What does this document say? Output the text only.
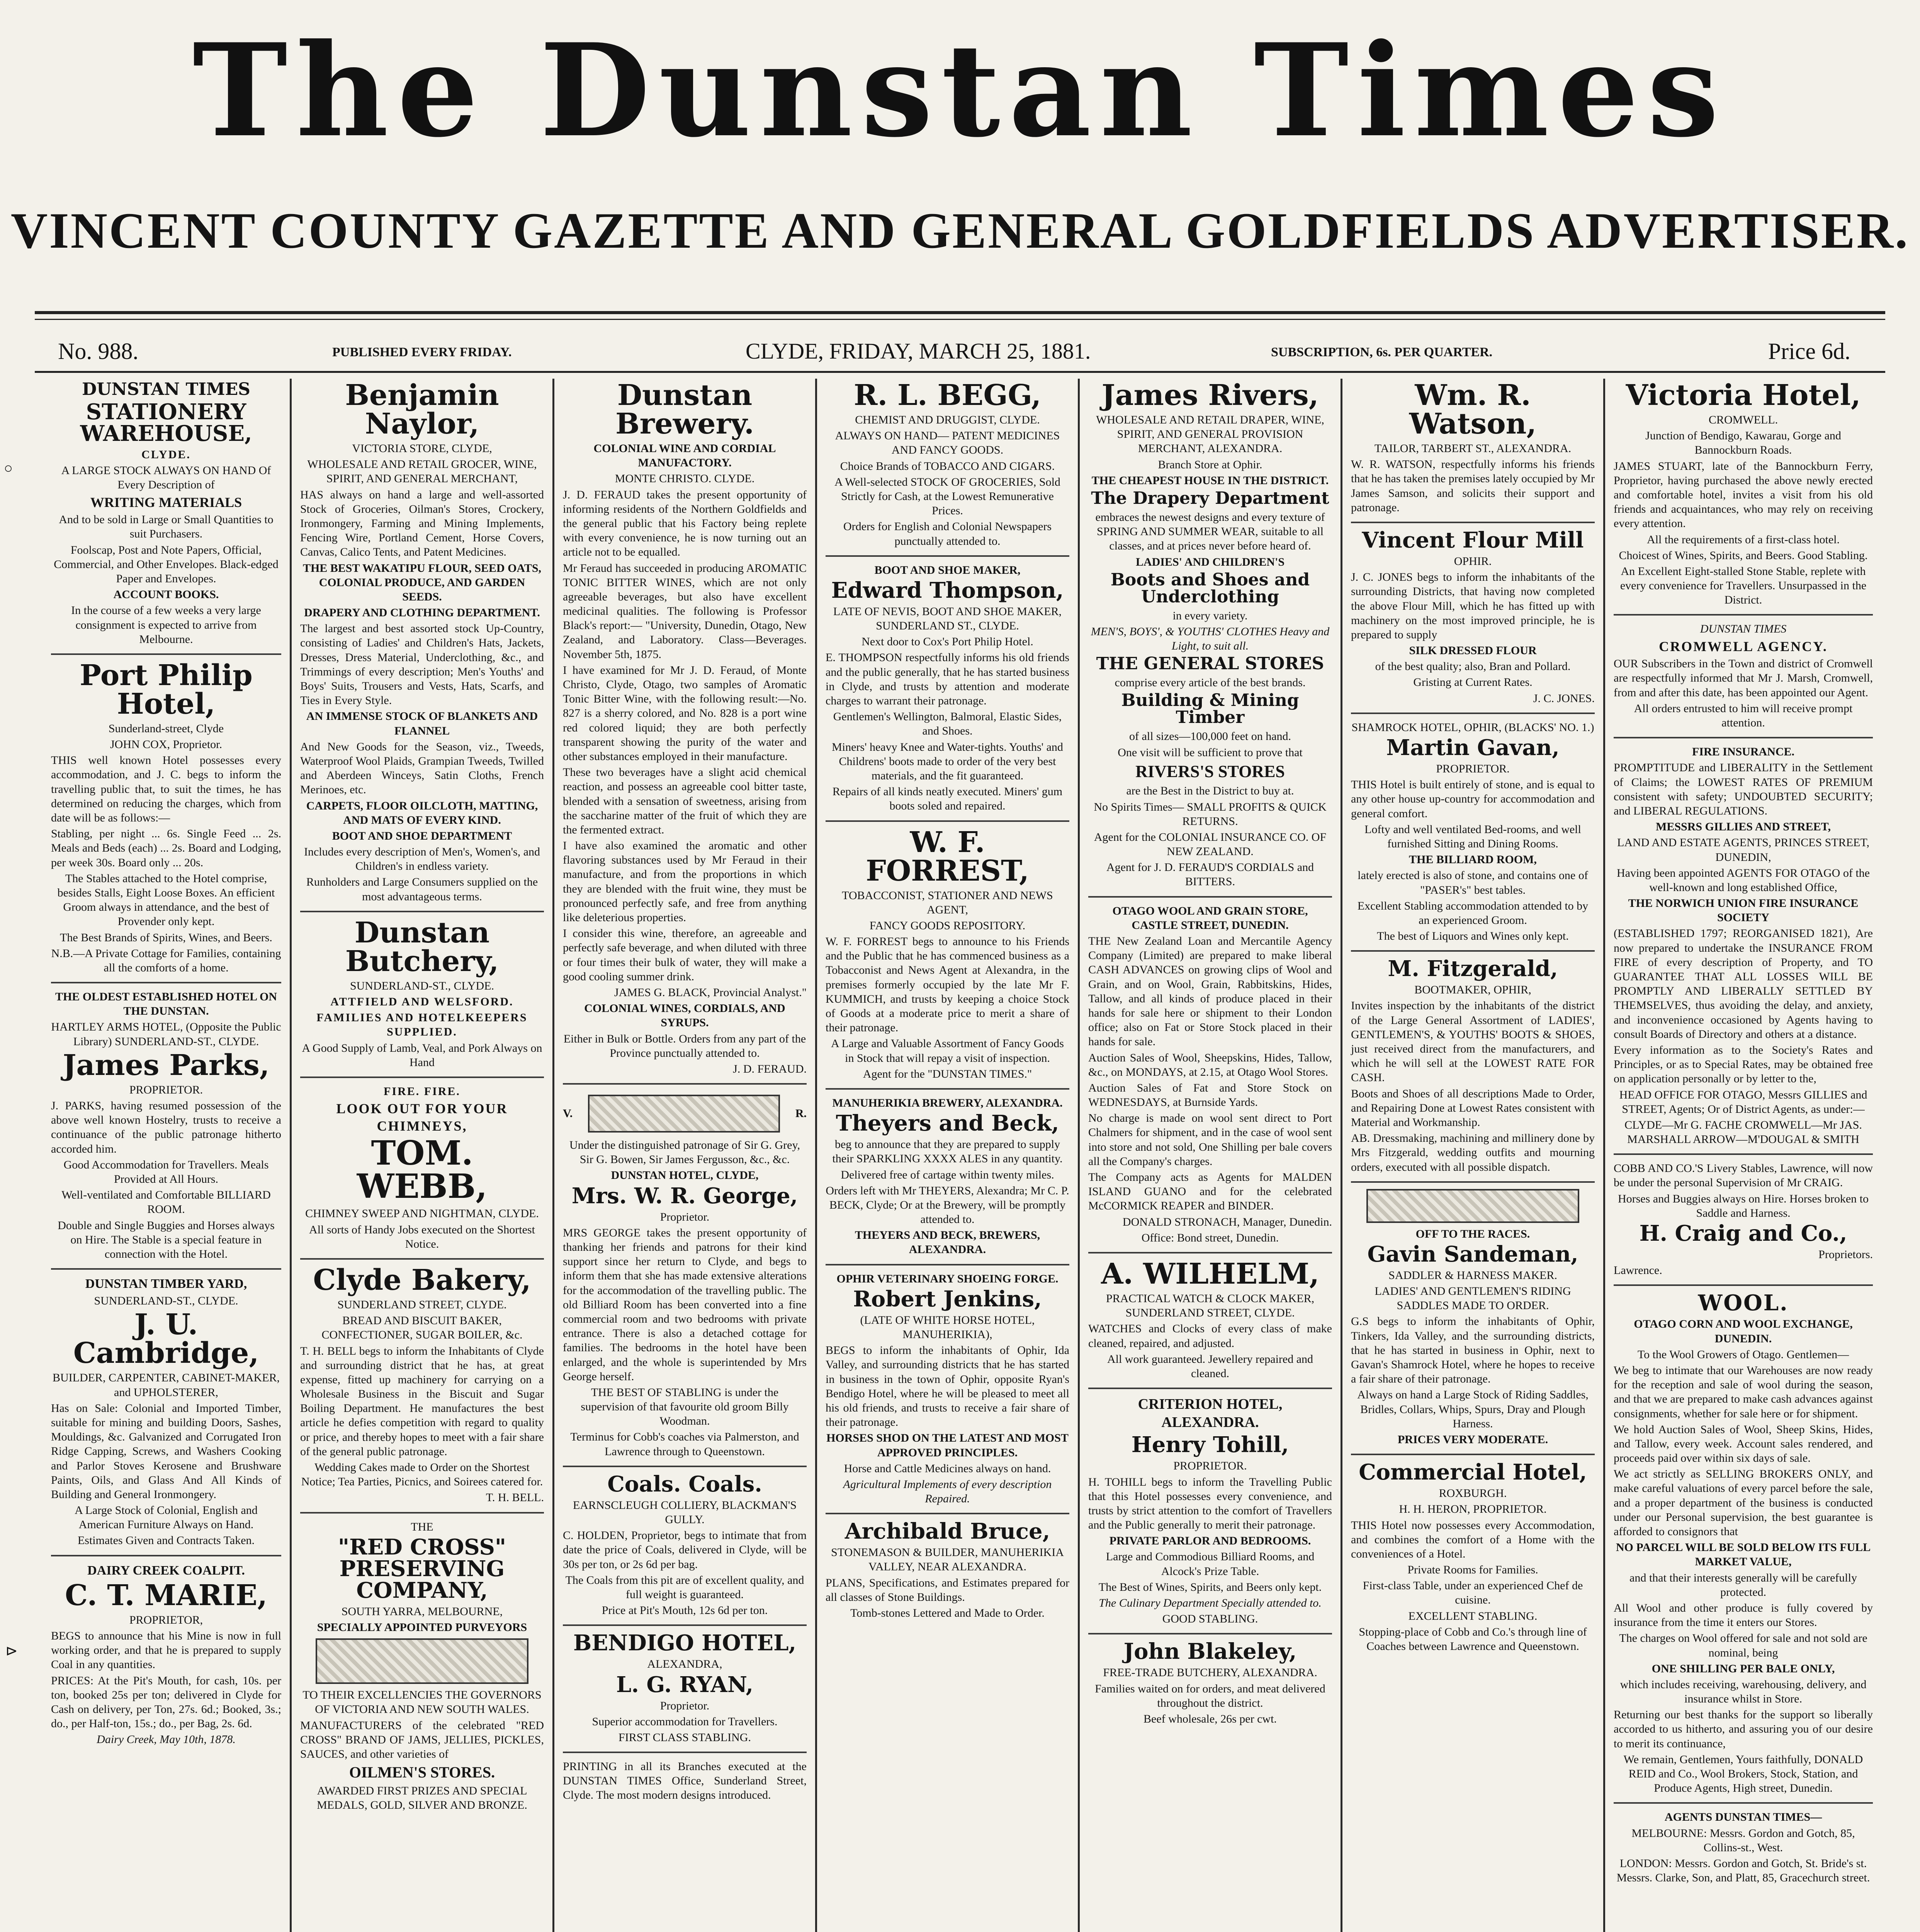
The Dunstan Times
VINCENT COUNTY GAZETTE AND GENERAL GOLDFIELDS ADVERTISER.
No. 988.	PUBLISHED EVERY FRIDAY.	CLYDE, FRIDAY, MARCH 25, 1881.	SUBSCRIPTION, 6s. PER QUARTER.	Price 6d.
○
⊳
DUNSTAN TIMES
STATIONERY WAREHOUSE,
CLYDE.
A LARGE STOCK ALWAYS ON HAND Of Every Description of
WRITING MATERIALS
And to be sold in Large or Small Quantities to suit Purchasers.
Foolscap, Post and Note Papers, Official, Commercial, and Other Envelopes. Black-edged Paper and Envelopes.
ACCOUNT BOOKS.
In the course of a few weeks a very large consignment is expected to arrive from Melbourne.
Port Philip Hotel,
Sunderland-street, Clyde
JOHN COX, Proprietor.
THIS well known Hotel possesses every accommodation, and J. C. begs to inform the travelling public that, to suit the times, he has determined on reducing the charges, which from date will be as follows:—
Stabling, per night ... 6s. Single Feed ... 2s. Meals and Beds (each) ... 2s. Board and Lodging, per week 30s. Board only ... 20s.
The Stables attached to the Hotel comprise, besides Stalls, Eight Loose Boxes. An efficient Groom always in attendance, and the best of Provender only kept.
The Best Brands of Spirits, Wines, and Beers.
N.B.—A Private Cottage for Families, containing all the comforts of a home.
THE OLDEST ESTABLISHED HOTEL ON THE DUNSTAN.
HARTLEY ARMS HOTEL, (Opposite the Public Library) SUNDERLAND-ST., CLYDE.
James Parks,
PROPRIETOR.
J. PARKS, having resumed possession of the above well known Hostelry, trusts to receive a continuance of the public patronage hitherto accorded him.
Good Accommodation for Travellers. Meals Provided at All Hours.
Well-ventilated and Comfortable BILLIARD ROOM.
Double and Single Buggies and Horses always on Hire. The Stable is a special feature in connection with the Hotel.
DUNSTAN TIMBER YARD,
SUNDERLAND-ST., CLYDE.
J. U. Cambridge,
BUILDER, CARPENTER, CABINET-MAKER, and UPHOLSTERER,
Has on Sale: Colonial and Imported Timber, suitable for mining and building Doors, Sashes, Mouldings, &c. Galvanized and Corrugated Iron Ridge Capping, Screws, and Washers Cooking and Parlor Stoves Kerosene and Brushware Paints, Oils, and Glass And All Kinds of Building and General Ironmongery.
A Large Stock of Colonial, English and American Furniture Always on Hand.
Estimates Given and Contracts Taken.
DAIRY CREEK COALPIT.
C. T. MARIE,
PROPRIETOR,
BEGS to announce that his Mine is now in full working order, and that he is prepared to supply Coal in any quantities.
PRICES: At the Pit's Mouth, for cash, 10s. per ton, booked 25s per ton; delivered in Clyde for Cash on delivery, per Ton, 27s. 6d.; Booked, 3s.; do., per Half-ton, 15s.; do., per Bag, 2s. 6d.
Dairy Creek, May 10th, 1878.
Benjamin Naylor,
VICTORIA STORE, CLYDE,
WHOLESALE AND RETAIL GROCER, WINE, SPIRIT, AND GENERAL MERCHANT,
HAS always on hand a large and well-assorted Stock of Groceries, Oilman's Stores, Crockery, Ironmongery, Farming and Mining Implements, Fencing Wire, Portland Cement, Horse Covers, Canvas, Calico Tents, and Patent Medicines.
THE BEST WAKATIPU FLOUR, SEED OATS, COLONIAL PRODUCE, AND GARDEN SEEDS.
DRAPERY AND CLOTHING DEPARTMENT.
The largest and best assorted stock Up-Country, consisting of Ladies' and Children's Hats, Jackets, Dresses, Dress Material, Underclothing, &c., and Trimmings of every description; Men's Youths' and Boys' Suits, Trousers and Vests, Hats, Scarfs, and Ties in Every Style.
AN IMMENSE STOCK OF BLANKETS AND FLANNEL
And New Goods for the Season, viz., Tweeds, Waterproof Wool Plaids, Grampian Tweeds, Twilled and Aberdeen Winceys, Satin Cloths, French Merinoes, etc.
CARPETS, FLOOR OILCLOTH, MATTING, AND MATS OF EVERY KIND.
BOOT AND SHOE DEPARTMENT
Includes every description of Men's, Women's, and Children's in endless variety.
Runholders and Large Consumers supplied on the most advantageous terms.
Dunstan Butchery,
SUNDERLAND-ST., CLYDE.
ATTFIELD AND WELSFORD.
FAMILIES AND HOTELKEEPERS SUPPLIED.
A Good Supply of Lamb, Veal, and Pork Always on Hand
FIRE. FIRE.
LOOK OUT FOR YOUR CHIMNEYS,
TOM. WEBB,
CHIMNEY SWEEP AND NIGHTMAN, CLYDE.
All sorts of Handy Jobs executed on the Shortest Notice.
Clyde Bakery,
SUNDERLAND STREET, CLYDE.
BREAD AND BISCUIT BAKER, CONFECTIONER, SUGAR BOILER, &c.
T. H. BELL begs to inform the Inhabitants of Clyde and surrounding district that he has, at great expense, fitted up machinery for carrying on a Wholesale Business in the Biscuit and Sugar Boiling Department. He manufactures the best article he defies competition with regard to quality or price, and thereby hopes to meet with a fair share of the general public patronage.
Wedding Cakes made to Order on the Shortest Notice; Tea Parties, Picnics, and Soirees catered for.
T. H. BELL.
THE
"RED CROSS" PRESERVING COMPANY,
SOUTH YARRA, MELBOURNE,
SPECIALLY APPOINTED PURVEYORS
TO THEIR EXCELLENCIES THE GOVERNORS OF VICTORIA AND NEW SOUTH WALES.
MANUFACTURERS of the celebrated "RED CROSS" BRAND OF JAMS, JELLIES, PICKLES, SAUCES, and other varieties of
OILMEN'S STORES.
AWARDED FIRST PRIZES AND SPECIAL MEDALS, GOLD, SILVER AND BRONZE.
Dunstan Brewery.
COLONIAL WINE AND CORDIAL MANUFACTORY.
MONTE CHRISTO. CLYDE.
J. D. FERAUD takes the present opportunity of informing residents of the Northern Goldfields and the general public that his Factory being replete with every convenience, he is now turning out an article not to be equalled.
Mr Feraud has succeeded in producing AROMATIC TONIC BITTER WINES, which are not only agreeable beverages, but also have excellent medicinal qualities. The following is Professor Black's report:— "University, Dunedin, Otago, New Zealand, and Laboratory. Class—Beverages. November 5th, 1875.
I have examined for Mr J. D. Feraud, of Monte Christo, Clyde, Otago, two samples of Aromatic Tonic Bitter Wine, with the following result:—No. 827 is a sherry colored, and No. 828 is a port wine red colored liquid; they are both perfectly transparent showing the purity of the water and other substances employed in their manufacture.
These two beverages have a slight acid chemical reaction, and possess an agreeable cool bitter taste, blended with a sensation of sweetness, arising from the saccharine matter of the fruit of which they are the fermented extract.
I have also examined the aromatic and other flavoring substances used by Mr Feraud in their manufacture, and from the proportions in which they are blended with the fruit wine, they must be pronounced perfectly safe, and free from anything like deleterious properties.
I consider this wine, therefore, an agreeable and perfectly safe beverage, and when diluted with three or four times their bulk of water, they will make a good cooling summer drink.
JAMES G. BLACK, Provincial Analyst."
COLONIAL WINES, CORDIALS, AND SYRUPS.
Either in Bulk or Bottle. Orders from any part of the Province punctually attended to.
J. D. FERAUD.
V.	R.
Under the distinguished patronage of Sir G. Grey, Sir G. Bowen, Sir James Fergusson, &c., &c.
DUNSTAN HOTEL, CLYDE,
Mrs. W. R. George,
Proprietor.
MRS GEORGE takes the present opportunity of thanking her friends and patrons for their kind support since her return to Clyde, and begs to inform them that she has made extensive alterations for the accommodation of the travelling public. The old Billiard Room has been converted into a fine commercial room and two bedrooms with private entrance. There is also a detached cottage for families. The bedrooms in the hotel have been enlarged, and the whole is superintended by Mrs George herself.
THE BEST OF STABLING is under the supervision of that favourite old groom Billy Woodman.
Terminus for Cobb's coaches via Palmerston, and Lawrence through to Queenstown.
Coals. Coals.
EARNSCLEUGH COLLIERY, BLACKMAN'S GULLY.
C. HOLDEN, Proprietor, begs to intimate that from date the price of Coals, delivered in Clyde, will be 30s per ton, or 2s 6d per bag.
The Coals from this pit are of excellent quality, and full weight is guaranteed.
Price at Pit's Mouth, 12s 6d per ton.
BENDIGO HOTEL,
ALEXANDRA,
L. G. RYAN,
Proprietor.
Superior accommodation for Travellers.
FIRST CLASS STABLING.
PRINTING in all its Branches executed at the DUNSTAN TIMES Office, Sunderland Street, Clyde. The most modern designs introduced.
R. L. BEGG,
CHEMIST AND DRUGGIST, CLYDE.
ALWAYS ON HAND— PATENT MEDICINES AND FANCY GOODS.
Choice Brands of TOBACCO AND CIGARS.
A Well-selected STOCK OF GROCERIES, Sold Strictly for Cash, at the Lowest Remunerative Prices.
Orders for English and Colonial Newspapers punctually attended to.
BOOT AND SHOE MAKER,
Edward Thompson,
LATE OF NEVIS, BOOT AND SHOE MAKER, SUNDERLAND ST., CLYDE.
Next door to Cox's Port Philip Hotel.
E. THOMPSON respectfully informs his old friends and the public generally, that he has started business in Clyde, and trusts by attention and moderate charges to warrant their patronage.
Gentlemen's Wellington, Balmoral, Elastic Sides, and Shoes.
Miners' heavy Knee and Water-tights. Youths' and Childrens' boots made to order of the very best materials, and the fit guaranteed.
Repairs of all kinds neatly executed. Miners' gum boots soled and repaired.
W. F. FORREST,
TOBACCONIST, STATIONER AND NEWS AGENT,
FANCY GOODS REPOSITORY.
W. F. FORREST begs to announce to his Friends and the Public that he has commenced business as a Tobacconist and News Agent at Alexandra, in the premises formerly occupied by the late Mr F. KUMMICH, and trusts by keeping a choice Stock of Goods at a moderate price to merit a share of their patronage.
A Large and Valuable Assortment of Fancy Goods in Stock that will repay a visit of inspection.
Agent for the "DUNSTAN TIMES."
MANUHERIKIA BREWERY, ALEXANDRA.
Theyers and Beck,
beg to announce that they are prepared to supply their SPARKLING XXXX ALES in any quantity.
Delivered free of cartage within twenty miles.
Orders left with Mr THEYERS, Alexandra; Mr C. P. BECK, Clyde; Or at the Brewery, will be promptly attended to.
THEYERS AND BECK, BREWERS, ALEXANDRA.
OPHIR VETERINARY SHOEING FORGE.
Robert Jenkins,
(LATE OF WHITE HORSE HOTEL, MANUHERIKIA),
BEGS to inform the inhabitants of Ophir, Ida Valley, and surrounding districts that he has started in business in the town of Ophir, opposite Ryan's Bendigo Hotel, where he will be pleased to meet all his old friends, and trusts to receive a fair share of their patronage.
HORSES SHOD ON THE LATEST AND MOST APPROVED PRINCIPLES.
Horse and Cattle Medicines always on hand.
Agricultural Implements of every description Repaired.
Archibald Bruce,
STONEMASON & BUILDER, MANUHERIKIA VALLEY, NEAR ALEXANDRA.
PLANS, Specifications, and Estimates prepared for all classes of Stone Buildings.
Tomb-stones Lettered and Made to Order.
James Rivers,
WHOLESALE AND RETAIL DRAPER, WINE, SPIRIT, AND GENERAL PROVISION MERCHANT, ALEXANDRA.
Branch Store at Ophir.
THE CHEAPEST HOUSE IN THE DISTRICT.
The Drapery Department
embraces the newest designs and every texture of SPRING AND SUMMER WEAR, suitable to all classes, and at prices never before heard of.
LADIES' AND CHILDREN'S
Boots and Shoes and Underclothing
in every variety.
MEN'S, BOYS', & YOUTHS' CLOTHES Heavy and Light, to suit all.
THE GENERAL STORES
comprise every article of the best brands.
Building & Mining Timber
of all sizes—100,000 feet on hand.
One visit will be sufficient to prove that
RIVERS'S STORES
are the Best in the District to buy at.
No Spirits Times— SMALL PROFITS & QUICK RETURNS.
Agent for the COLONIAL INSURANCE CO. OF NEW ZEALAND.
Agent for J. D. FERAUD'S CORDIALS and BITTERS.
OTAGO WOOL AND GRAIN STORE, CASTLE STREET, DUNEDIN.
THE New Zealand Loan and Mercantile Agency Company (Limited) are prepared to make liberal CASH ADVANCES on growing clips of Wool and Grain, and on Wool, Grain, Rabbitskins, Hides, Tallow, and all kinds of produce placed in their hands for sale here or shipment to their London office; also on Fat or Store Stock placed in their hands for sale.
Auction Sales of Wool, Sheepskins, Hides, Tallow, &c., on MONDAYS, at 2.15, at Otago Wool Stores.
Auction Sales of Fat and Store Stock on WEDNESDAYS, at Burnside Yards.
No charge is made on wool sent direct to Port Chalmers for shipment, and in the case of wool sent into store and not sold, One Shilling per bale covers all the Company's charges.
The Company acts as Agents for MALDEN ISLAND GUANO and for the celebrated McCORMICK REAPER and BINDER.
DONALD STRONACH, Manager, Dunedin.
Office: Bond street, Dunedin.
A. WILHELM,
PRACTICAL WATCH & CLOCK MAKER, SUNDERLAND STREET, CLYDE.
WATCHES and Clocks of every class of make cleaned, repaired, and adjusted.
All work guaranteed. Jewellery repaired and cleaned.
CRITERION HOTEL, ALEXANDRA.
Henry Tohill,
PROPRIETOR.
H. TOHILL begs to inform the Travelling Public that this Hotel possesses every convenience, and trusts by strict attention to the comfort of Travellers and the Public generally to merit their patronage.
PRIVATE PARLOR AND BEDROOMS.
Large and Commodious Billiard Rooms, and Alcock's Prize Table.
The Best of Wines, Spirits, and Beers only kept.
The Culinary Department Specially attended to.
GOOD STABLING.
John Blakeley,
FREE-TRADE BUTCHERY, ALEXANDRA.
Families waited on for orders, and meat delivered throughout the district.
Beef wholesale, 26s per cwt.
Wm. R. Watson,
TAILOR, TARBERT ST., ALEXANDRA.
W. R. WATSON, respectfully informs his friends that he has taken the premises lately occupied by Mr James Samson, and solicits their support and patronage.
Vincent Flour Mill
OPHIR.
J. C. JONES begs to inform the inhabitants of the surrounding Districts, that having now completed the above Flour Mill, which he has fitted up with machinery on the most improved principle, he is prepared to supply
SILK DRESSED FLOUR
of the best quality; also, Bran and Pollard.
Gristing at Current Rates.
J. C. JONES.
SHAMROCK HOTEL, OPHIR, (BLACKS' NO. 1.)
Martin Gavan,
PROPRIETOR.
THIS Hotel is built entirely of stone, and is equal to any other house up-country for accommodation and general comfort.
Lofty and well ventilated Bed-rooms, and well furnished Sitting and Dining Rooms.
THE BILLIARD ROOM,
lately erected is also of stone, and contains one of "PASER's" best tables.
Excellent Stabling accommodation attended to by an experienced Groom.
The best of Liquors and Wines only kept.
M. Fitzgerald,
BOOTMAKER, OPHIR,
Invites inspection by the inhabitants of the district of the Large General Assortment of LADIES', GENTLEMEN'S, & YOUTHS' BOOTS & SHOES, just received direct from the manufacturers, and which he will sell at the LOWEST RATE FOR CASH.
Boots and Shoes of all descriptions Made to Order, and Repairing Done at Lowest Rates consistent with Material and Workmanship.
AB. Dressmaking, machining and millinery done by Mrs Fitzgerald, wedding outfits and mourning orders, executed with all possible dispatch.
OFF TO THE RACES.
Gavin Sandeman,
SADDLER & HARNESS MAKER.
LADIES' AND GENTLEMEN'S RIDING SADDLES MADE TO ORDER.
G.S begs to inform the inhabitants of Ophir, Tinkers, Ida Valley, and the surrounding districts, that he has started in business in Ophir, next to Gavan's Shamrock Hotel, where he hopes to receive a fair share of their patronage.
Always on hand a Large Stock of Riding Saddles, Bridles, Collars, Whips, Spurs, Dray and Plough Harness.
PRICES VERY MODERATE.
Commercial Hotel,
ROXBURGH.
H. H. HERON, PROPRIETOR.
THIS Hotel now possesses every Accommodation, and combines the comfort of a Home with the conveniences of a Hotel.
Private Rooms for Families.
First-class Table, under an experienced Chef de cuisine.
EXCELLENT STABLING.
Stopping-place of Cobb and Co.'s through line of Coaches between Lawrence and Queenstown.
Victoria Hotel,
CROMWELL.
Junction of Bendigo, Kawarau, Gorge and Bannockburn Roads.
JAMES STUART, late of the Bannockburn Ferry, Proprietor, having purchased the above newly erected and comfortable hotel, invites a visit from his old friends and acquaintances, who may rely on receiving every attention.
All the requirements of a first-class hotel.
Choicest of Wines, Spirits, and Beers. Good Stabling.
An Excellent Eight-stalled Stone Stable, replete with every convenience for Travellers. Unsurpassed in the District.
DUNSTAN TIMES
CROMWELL AGENCY.
OUR Subscribers in the Town and district of Cromwell are respectfully informed that Mr J. Marsh, Cromwell, from and after this date, has been appointed our Agent.
All orders entrusted to him will receive prompt attention.
FIRE INSURANCE.
PROMPTITUDE and LIBERALITY in the Settlement of Claims; the LOWEST RATES OF PREMIUM consistent with safety; UNDOUBTED SECURITY; and LIBERAL REGULATIONS.
MESSRS GILLIES AND STREET,
LAND AND ESTATE AGENTS, PRINCES STREET, DUNEDIN,
Having been appointed AGENTS FOR OTAGO of the well-known and long established Office,
THE NORWICH UNION FIRE INSURANCE SOCIETY
(ESTABLISHED 1797; REORGANISED 1821), Are now prepared to undertake the INSURANCE FROM FIRE of every description of Property, and TO GUARANTEE THAT ALL LOSSES WILL BE PROMPTLY AND LIBERALLY SETTLED BY THEMSELVES, thus avoiding the delay, and anxiety, and inconvenience occasioned by Agents having to consult Boards of Directory and others at a distance.
Every information as to the Society's Rates and Principles, or as to Special Rates, may be obtained free on application personally or by letter to the,
HEAD OFFICE FOR OTAGO, Messrs GILLIES and STREET, Agents; Or of District Agents, as under:—
CLYDE—Mr G. FACHE CROMWELL—Mr JAS. MARSHALL ARROW—M'DOUGAL & SMITH
COBB AND CO.'S Livery Stables, Lawrence, will now be under the personal Supervision of Mr CRAIG.
Horses and Buggies always on Hire. Horses broken to Saddle and Harness.
H. Craig and Co.,
Proprietors.
Lawrence.
WOOL.
OTAGO CORN AND WOOL EXCHANGE, DUNEDIN.
To the Wool Growers of Otago. Gentlemen—
We beg to intimate that our Warehouses are now ready for the reception and sale of wool during the season, and that we are prepared to make cash advances against consignments, whether for sale here or for shipment.
We hold Auction Sales of Wool, Sheep Skins, Hides, and Tallow, every week. Account sales rendered, and proceeds paid over within six days of sale.
We act strictly as SELLING BROKERS ONLY, and make careful valuations of every parcel before the sale, and a proper department of the business is conducted under our Personal supervision, the best guarantee is afforded to consignors that
NO PARCEL WILL BE SOLD BELOW ITS FULL MARKET VALUE,
and that their interests generally will be carefully protected.
All Wool and other produce is fully covered by insurance from the time it enters our Stores.
The charges on Wool offered for sale and not sold are nominal, being
ONE SHILLING PER BALE ONLY,
which includes receiving, warehousing, delivery, and insurance whilst in Store.
Returning our best thanks for the support so liberally accorded to us hitherto, and assuring you of our desire to merit its continuance,
We remain, Gentlemen, Yours faithfully, DONALD REID and Co., Wool Brokers, Stock, Station, and Produce Agents, High street, Dunedin.
AGENTS DUNSTAN TIMES—
MELBOURNE: Messrs. Gordon and Gotch, 85, Collins-st., West.
LONDON: Messrs. Gordon and Gotch, St. Bride's st. Messrs. Clarke, Son, and Platt, 85, Gracechurch street.
